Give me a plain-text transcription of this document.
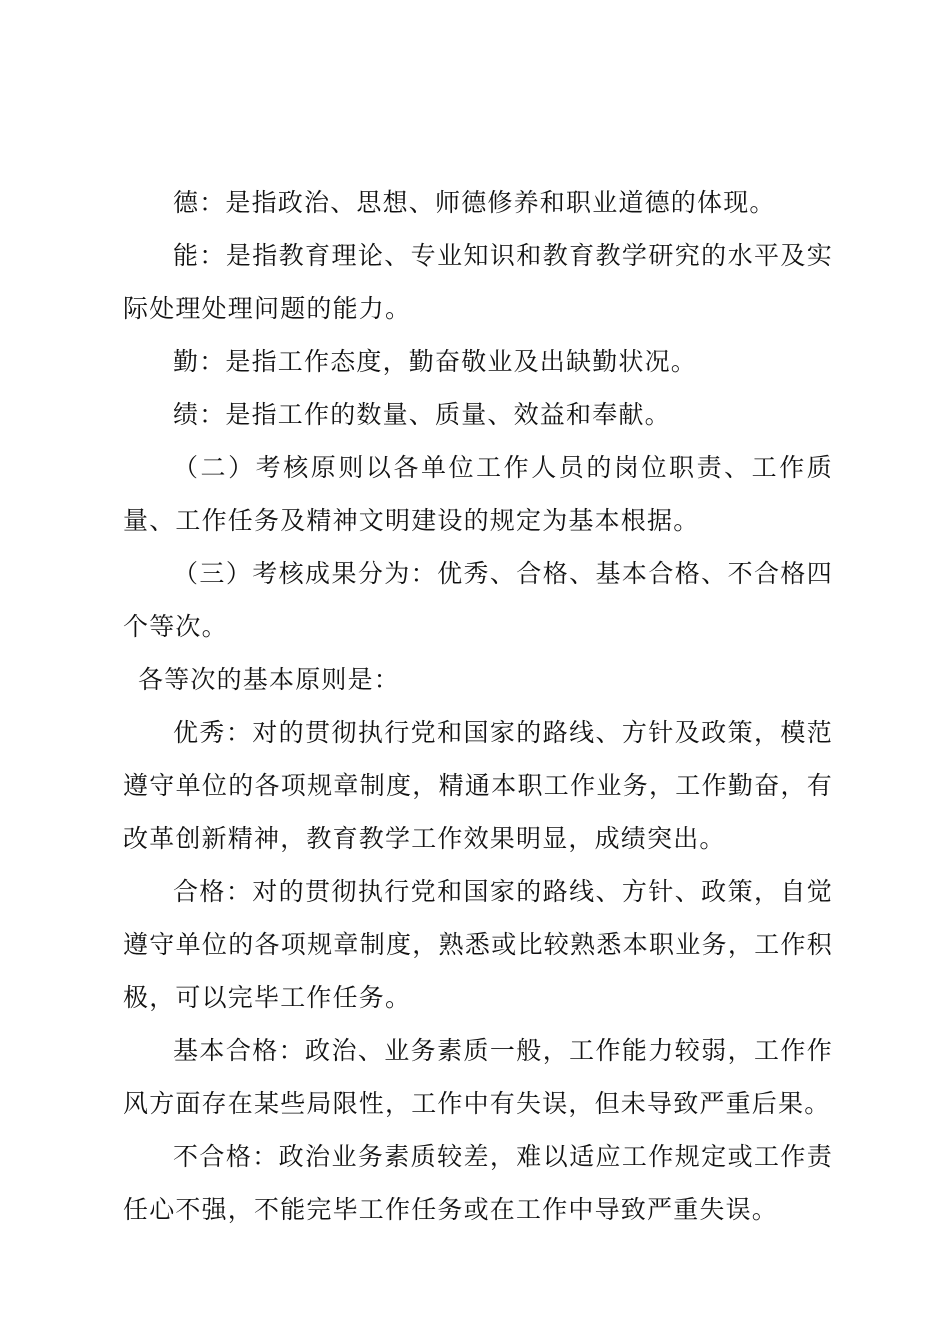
德：是指政治、思想、师德修养和职业道德的体现。

能：是指教育理论、专业知识和教育教学研究的水平及实际处理处理问题的能力。

勤：是指工作态度，勤奋敬业及出缺勤状况。

绩：是指工作的数量、质量、效益和奉献。

（二）考核原则以各单位工作人员的岗位职责、工作质量、工作任务及精神文明建设的规定为基本根据。

（三）考核成果分为：优秀、合格、基本合格、不合格四个等次。

各等次的基本原则是：

优秀：对的贯彻执行党和国家的路线、方针及政策，模范遵守单位的各项规章制度，精通本职工作业务，工作勤奋，有改革创新精神，教育教学工作效果明显，成绩突出。

合格：对的贯彻执行党和国家的路线、方针、政策，自觉遵守单位的各项规章制度，熟悉或比较熟悉本职业务，工作积极，可以完毕工作任务。

基本合格：政治、业务素质一般，工作能力较弱，工作作风方面存在某些局限性，工作中有失误，但未导致严重后果。

不合格：政治业务素质较差，难以适应工作规定或工作责任心不强，不能完毕工作任务或在工作中导致严重失误。
